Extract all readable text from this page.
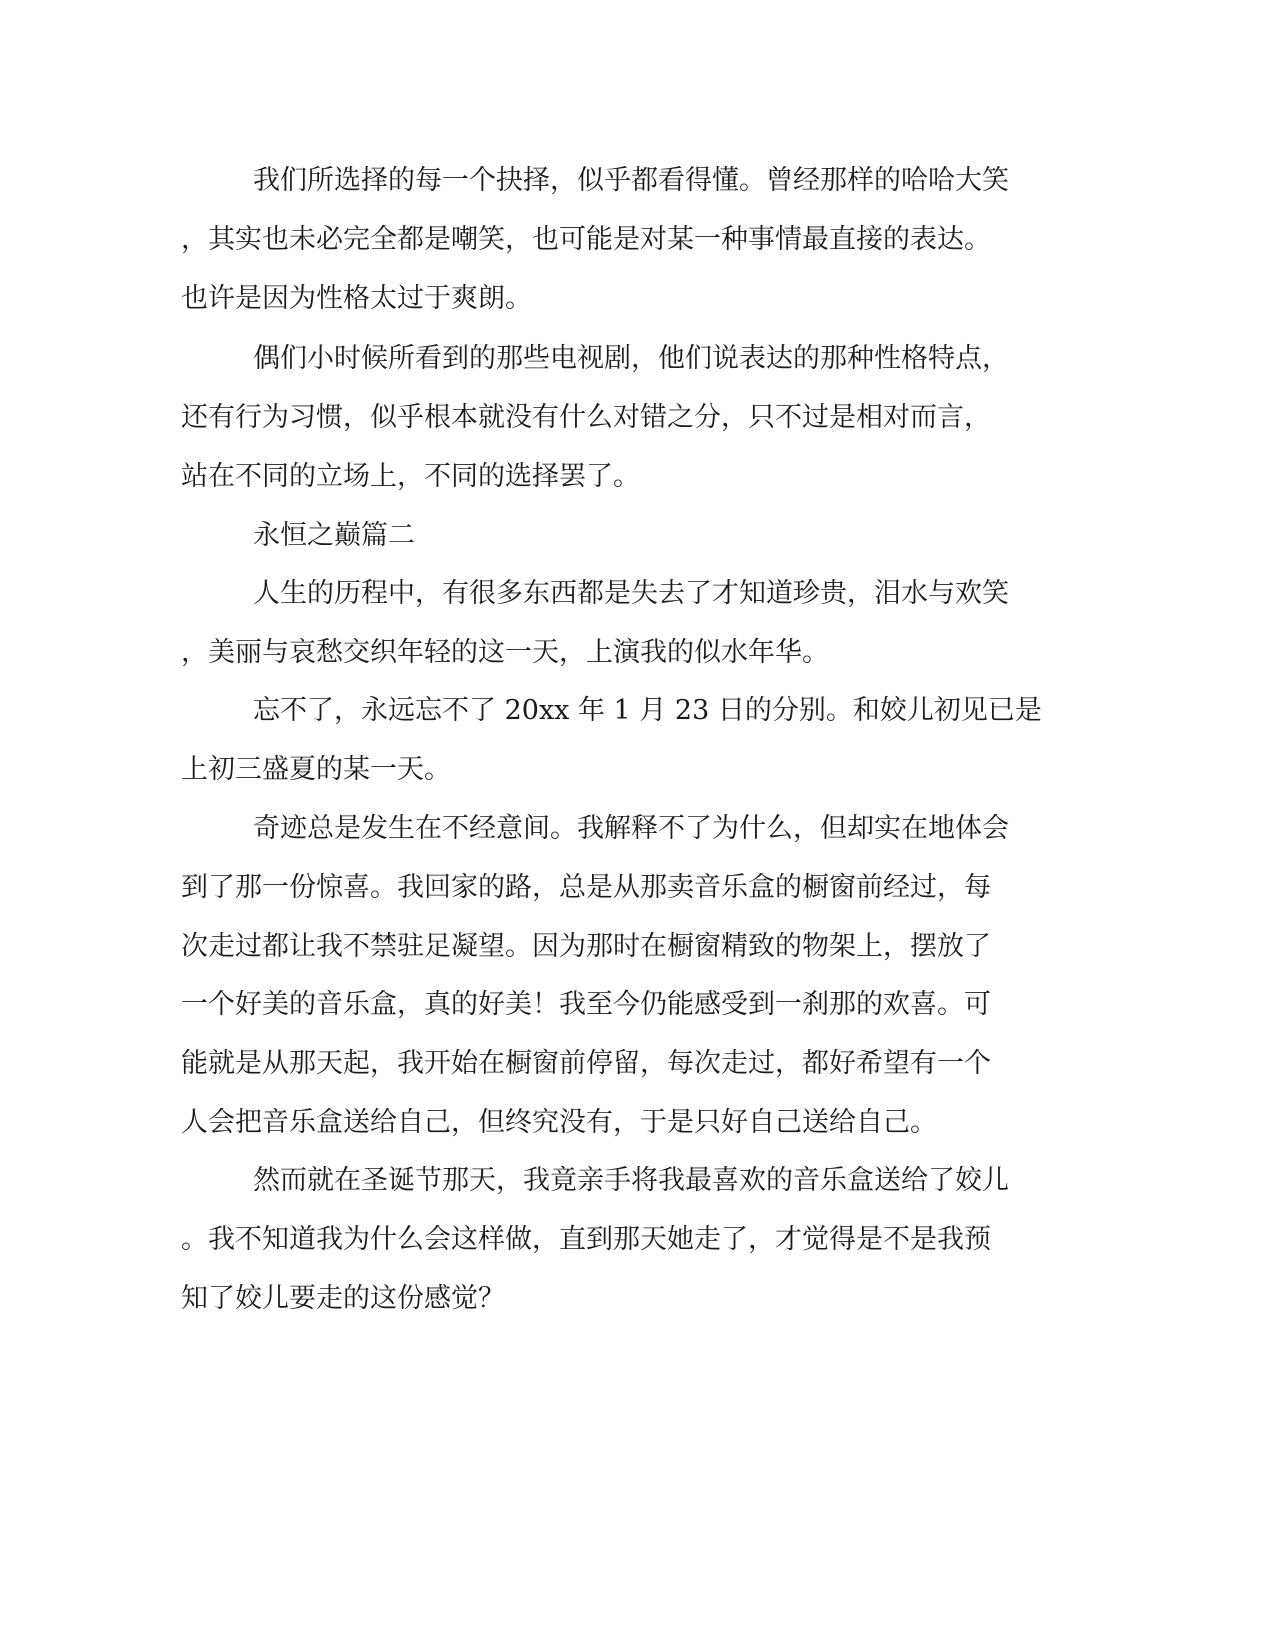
我们所选择的每一个抉择，似乎都看得懂。曾经那样的哈哈大笑
，其实也未必完全都是嘲笑，也可能是对某一种事情最直接的表达。
也许是因为性格太过于爽朗。
偶们小时候所看到的那些电视剧，他们说表达的那种性格特点，
还有行为习惯，似乎根本就没有什么对错之分，只不过是相对而言，
站在不同的立场上，不同的选择罢了。
永恒之巅篇二
人生的历程中，有很多东西都是失去了才知道珍贵，泪水与欢笑
，美丽与哀愁交织年轻的这一天，上演我的似水年华。
忘不了，永远忘不了 20xx 年 1 月 23 日的分别。和姣儿初见已是
上初三盛夏的某一天。
奇迹总是发生在不经意间。我解释不了为什么，但却实在地体会
到了那一份惊喜。我回家的路，总是从那卖音乐盒的橱窗前经过，每
次走过都让我不禁驻足凝望。因为那时在橱窗精致的物架上，摆放了
一个好美的音乐盒，真的好美！我至今仍能感受到一刹那的欢喜。可
能就是从那天起，我开始在橱窗前停留，每次走过，都好希望有一个
人会把音乐盒送给自己，但终究没有，于是只好自己送给自己。
然而就在圣诞节那天，我竟亲手将我最喜欢的音乐盒送给了姣儿
。我不知道我为什么会这样做，直到那天她走了，才觉得是不是我预
知了姣儿要走的这份感觉？
